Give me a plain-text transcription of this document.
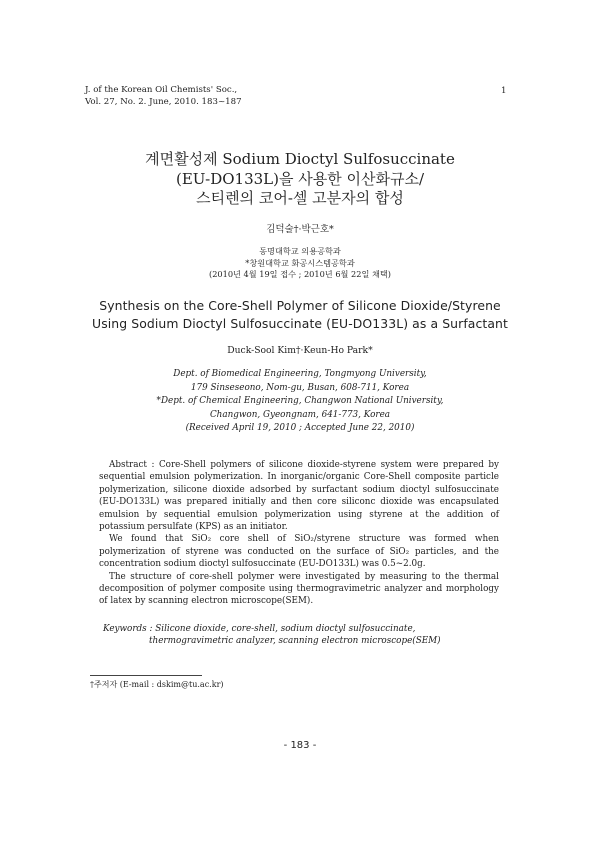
J. of the Korean Oil Chemists' Soc.,
Vol. 27, No. 2. June, 2010. 183~187
1
계면활성제 Sodium Dioctyl Sulfosuccinate
(EU-DO133L)을 사용한 이산화규소/
스티렌의 코어-셀 고분자의 합성
김덕술†·박근호*
동명대학교 의용공학과
*창원대학교 화공시스템공학과
(2010년 4월 19일 접수 ; 2010년 6월 22일 채택)
Synthesis on the Core-Shell Polymer of Silicone Dioxide/Styrene
Using Sodium Dioctyl Sulfosuccinate (EU-DO133L) as a Surfactant
Duck-Sool Kim†·Keun-Ho Park*
Dept. of Biomedical Engineering, Tongmyong University,
179 Sinseseono, Nom-gu, Busan, 608-711, Korea
*Dept. of Chemical Engineering, Changwon National University,
Changwon, Gyeongnam, 641-773, Korea
(Received April 19, 2010 ; Accepted June 22, 2010)

Abstract : Core-Shell polymers of silicone dioxide-styrene system were prepared by sequential emulsion polymerization. In inorganic/organic Core-Shell composite particle polymerization, silicone dioxide adsorbed by surfactant sodium dioctyl sulfosuccinate (EU-DO133L) was prepared initially and then core siliconc dioxide was encapsulated emulsion by sequential emulsion polymerization using styrene at the addition of potassium persulfate (KPS) as an initiator.

We found that SiO₂ core shell of SiO₂/styrene structure was formed when polymerization of styrene was conducted on the surface of SiO₂ particles, and the concentration sodium dioctyl sulfosuccinate (EU-DO133L) was 0.5~2.0g.

The structure of core-shell polymer were investigated by measuring to the thermal decomposition of polymer composite using thermogravimetric analyzer and morphology of latex by scanning electron microscope(SEM).

Keywords : Silicone dioxide, core-shell, sodium dioctyl sulfosuccinate,
thermogravimetric analyzer, scanning electron microscope(SEM)
†주저자 (E-mail : dskim@tu.ac.kr)
- 183 -
